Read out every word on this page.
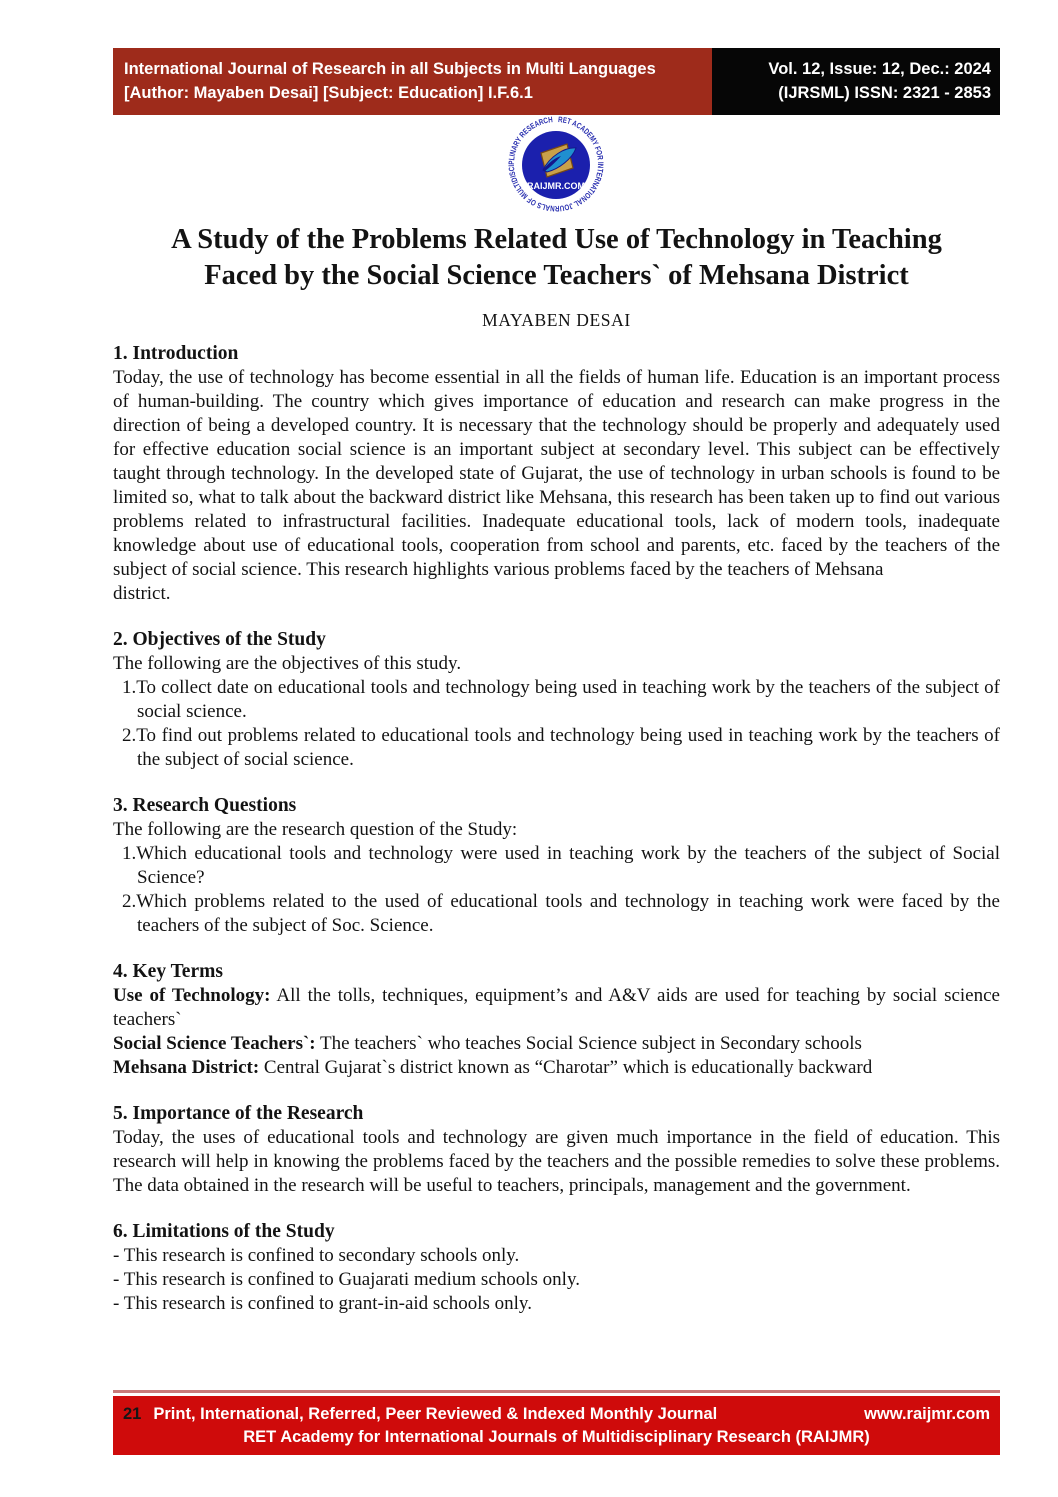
International Journal of Research in all Subjects in Multi Languages
[Author: Mayaben Desai] [Subject: Education] I.F.6.1
Vol. 12, Issue: 12, Dec.: 2024
(IJRSML) ISSN: 2321 - 2853
RET ACADEMY FOR INTERNATIONAL JOURNALS OF MULTIDISCIPLINARY RESEARCH
RAIJMR.COM
A Study of the Problems Related Use of Technology in Teaching
Faced by the Social Science Teachers` of Mehsana District
MAYABEN DESAI
1. Introduction

Today, the use of technology has become essential in all the fields of human life. Education is an important process of human-building. The country which gives importance of education and research can make progress in the direction of being a developed country. It is necessary that the technology should be properly and adequately used for effective education social science is an important subject at secondary level. This subject can be effectively taught through technology. In the developed state of Gujarat, the use of technology in urban schools is found to be limited so, what to talk about the backward district like Mehsana, this research has been taken up to find out various problems related to infrastructural facilities. Inadequate educational tools, lack of modern tools, inadequate knowledge about use of educational tools, cooperation from school and parents, etc. faced by the teachers of the subject of social science. This research highlights various problems faced by the teachers of Mehsana

district.

2. Objectives of the Study

The following are the objectives of this study.

1.To collect date on educational tools and technology being used in teaching work by the teachers of the subject of social science.

2.To find out problems related to educational tools and technology being used in teaching work by the teachers of the subject of social science.

3. Research Questions

The following are the research question of the Study:

1.Which educational tools and technology were used in teaching work by the teachers of the subject of Social Science?

2.Which problems related to the used of educational tools and technology in teaching work were faced by the teachers of the subject of Soc. Science.

4. Key Terms

Use of Technology: All the tolls, techniques, equipment’s and A&V aids are used for teaching by social science teachers`

Social Science Teachers`: The teachers` who teaches Social Science subject in Secondary schools

Mehsana District: Central Gujarat`s district known as “Charotar” which is educationally backward

5. Importance of the Research

Today, the uses of educational tools and technology are given much importance in the field of education. This research will help in knowing the problems faced by the teachers and the possible remedies to solve these problems. The data obtained in the research will be useful to teachers, principals, management and the government.

6. Limitations of the Study

- This research is confined to secondary schools only.

- This research is confined to Guajarati medium schools only.

- This research is confined to grant-in-aid schools only.

21 Print, International, Referred, Peer Reviewed & Indexed Monthly Journal	www.raijmr.com
RET Academy for International Journals of Multidisciplinary Research (RAIJMR)
